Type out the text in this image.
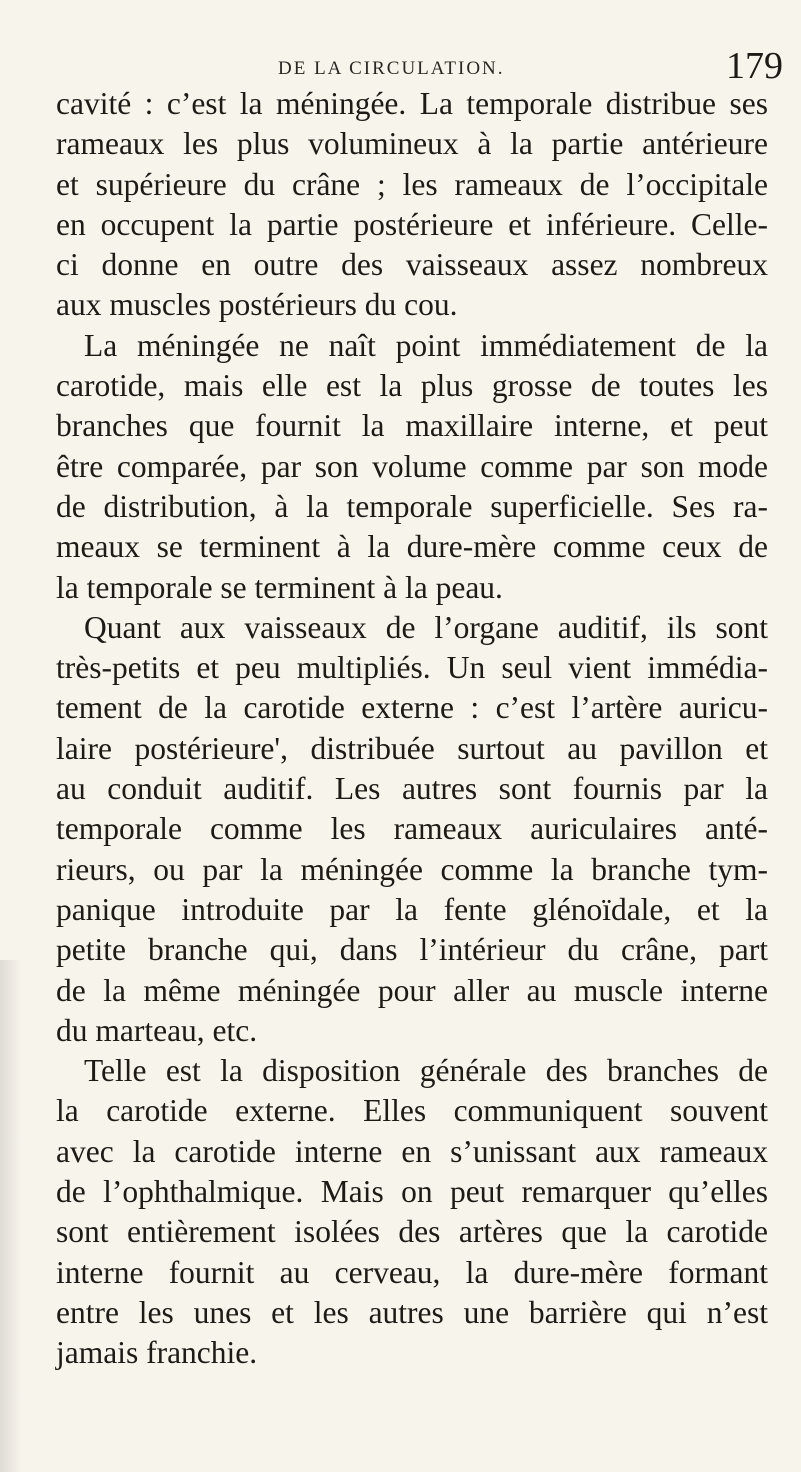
DE LA CIRCULATION.	179
cavité : c’est la méningée. La temporale distribue ses
rameaux les plus volumineux à la partie antérieure
et supérieure du crâne ; les rameaux de l’occipitale
en occupent la partie postérieure et inférieure. Celle-
ci donne en outre des vaisseaux assez nombreux
aux muscles postérieurs du cou.
La méningée ne naît point immédiatement de la
carotide, mais elle est la plus grosse de toutes les
branches que fournit la maxillaire interne, et peut
être comparée, par son volume comme par son mode
de distribution, à la temporale superficielle. Ses ra-
meaux se terminent à la dure-mère comme ceux de
la temporale se terminent à la peau.
Quant aux vaisseaux de l’organe auditif, ils sont
très-petits et peu multipliés. Un seul vient immédia-
tement de la carotide externe : c’est l’artère auricu-
laire postérieure', distribuée surtout au pavillon et
au conduit auditif. Les autres sont fournis par la
temporale comme les rameaux auriculaires anté-
rieurs, ou par la méningée comme la branche tym-
panique introduite par la fente glénoïdale, et la
petite branche qui, dans l’intérieur du crâne, part
de la même méningée pour aller au muscle interne
du marteau, etc.
Telle est la disposition générale des branches de
la carotide externe. Elles communiquent souvent
avec la carotide interne en s’unissant aux rameaux
de l’ophthalmique. Mais on peut remarquer qu’elles
sont entièrement isolées des artères que la carotide
interne fournit au cerveau, la dure-mère formant
entre les unes et les autres une barrière qui n’est
jamais franchie.
